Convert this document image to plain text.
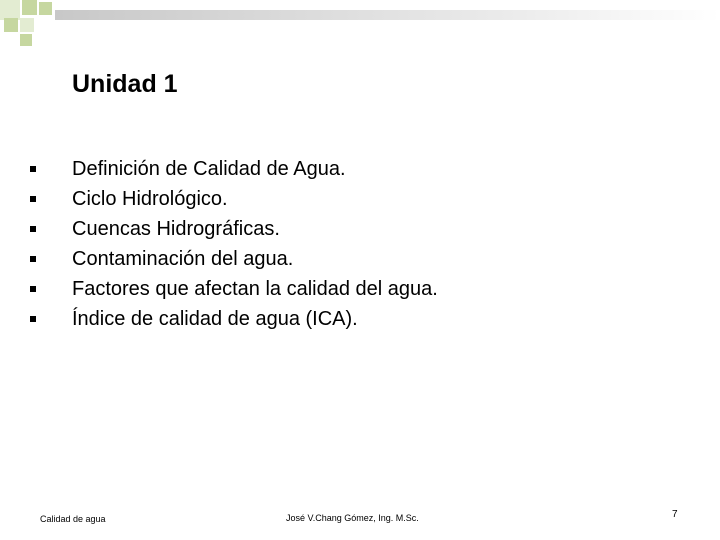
Unidad 1
Definición de Calidad de Agua.
Ciclo Hidrológico.
Cuencas Hidrográficas.
Contaminación del agua.
Factores que afectan la calidad del agua.
Índice de calidad de agua (ICA).
Calidad de agua	José V.Chang Gómez, Ing. M.Sc.	7
